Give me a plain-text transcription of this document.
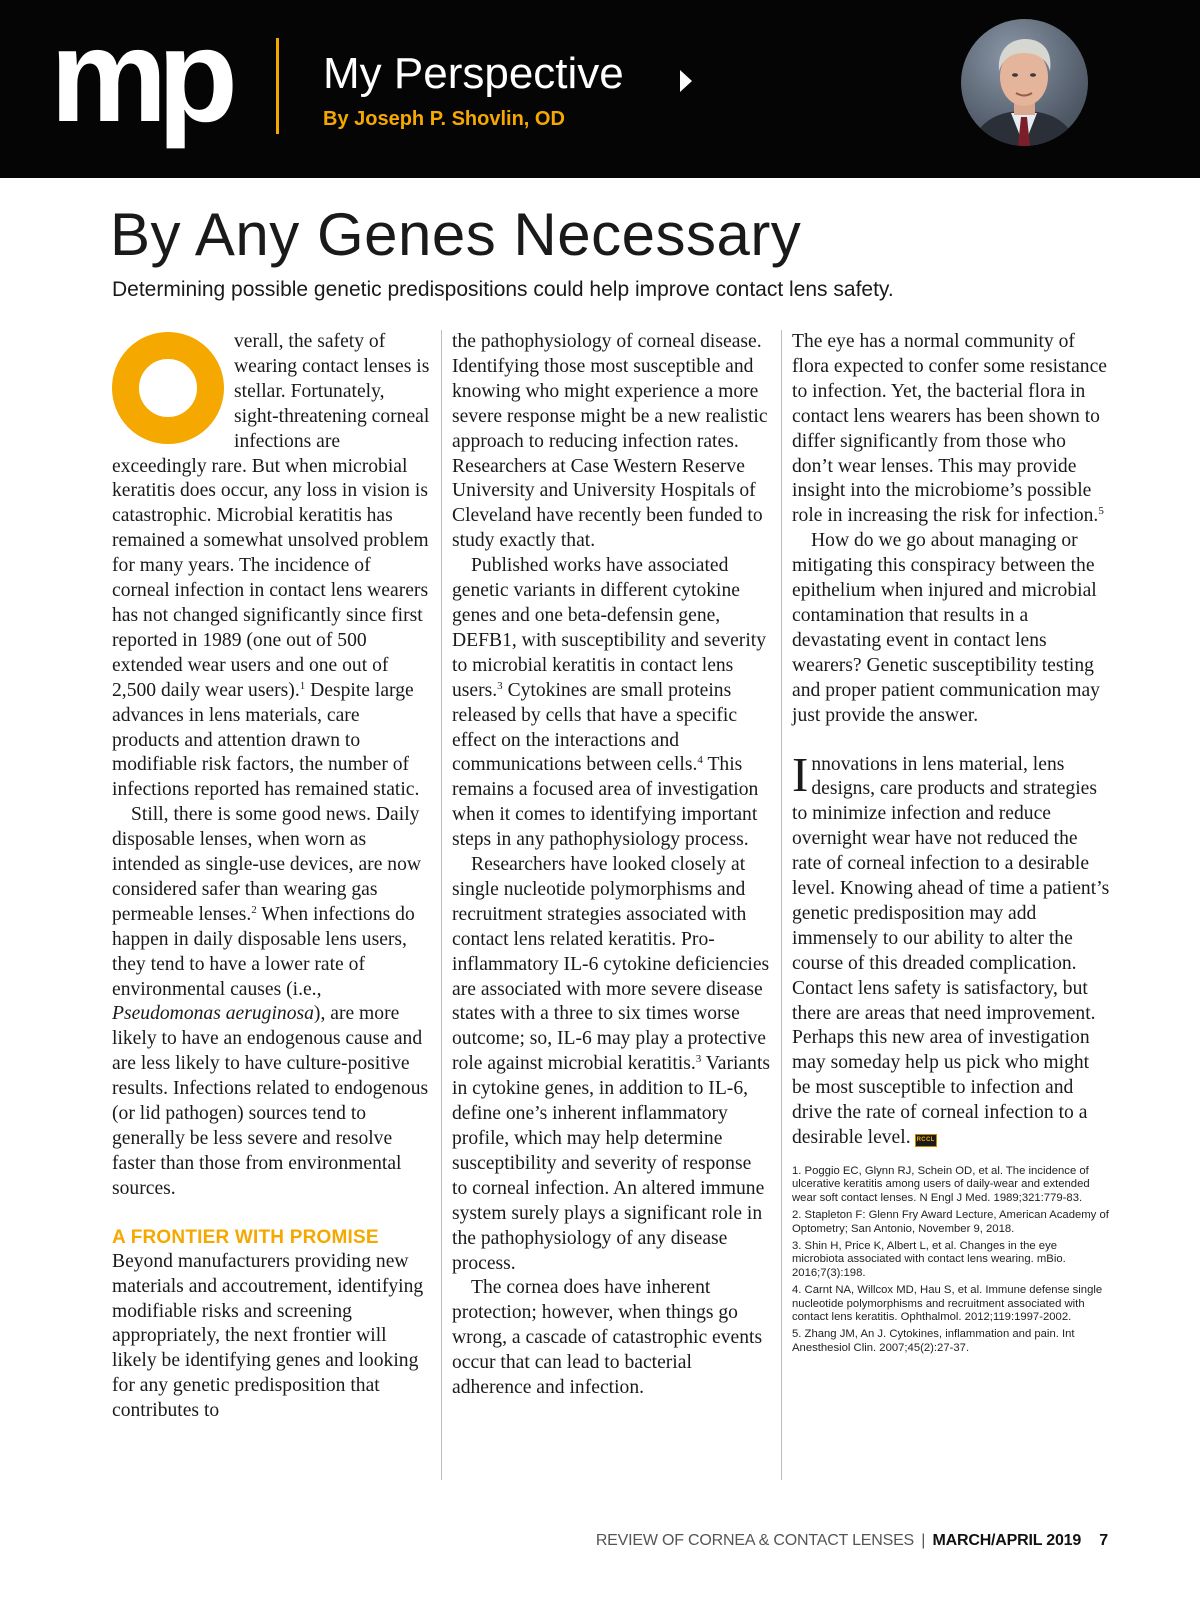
mp My Perspective
By Joseph P. Shovlin, OD
By Any Genes Necessary
Determining possible genetic predispositions could help improve contact lens safety.

verall, the safety of wearing contact lenses is stellar. Fortunately, sight-threatening corneal infections are exceedingly rare. But when microbial keratitis does occur, any loss in vision is catastrophic. Microbial keratitis has remained a somewhat unsolved problem for many years. The incidence of corneal infection in contact lens wearers has not changed significantly since first reported in 1989 (one out of 500 extended wear users and one out of 2,500 daily wear users).$^1$ Despite large advances in lens materials, care products and attention drawn to modifiable risk factors, the number of infections reported has remained static.

Still, there is some good news. Daily disposable lenses, when worn as intended as single-use devices, are now considered safer than wearing gas permeable lenses.$^2$ When infections do happen in daily disposable lens users, they tend to have a lower rate of environmental causes (i.e., Pseudomonas aeruginosa), are more likely to have an endogenous cause and are less likely to have culture-positive results. Infections related to endogenous (or lid pathogen) sources tend to generally be less severe and resolve faster than those from environmental sources.

A FRONTIER WITH PROMISE

Beyond manufacturers providing new materials and accoutrement, identifying modifiable risks and screening appropriately, the next frontier will likely be identifying genes and looking for any genetic predisposition that contributes to

the pathophysiology of corneal disease. Identifying those most susceptible and knowing who might experience a more severe response might be a new realistic approach to reducing infection rates. Researchers at Case Western Reserve University and University Hospitals of Cleveland have recently been funded to study exactly that.

Published works have associated genetic variants in different cytokine genes and one beta-defensin gene, DEFB1, with susceptibility and severity to microbial keratitis in contact lens users.$^3$ Cytokines are small proteins released by cells that have a specific effect on the interactions and communications between cells.$^4$ This remains a focused area of investigation when it comes to identifying important steps in any pathophysiology process.

Researchers have looked closely at single nucleotide polymorphisms and recruitment strategies associated with contact lens related keratitis. Pro-inflammatory IL-6 cytokine deficiencies are associated with more severe disease states with a three to six times worse outcome; so, IL-6 may play a protective role against microbial keratitis.$^3$ Variants in cytokine genes, in addition to IL-6, define one’s inherent inflammatory profile, which may help determine susceptibility and severity of response to corneal infection. An altered immune system surely plays a significant role in the pathophysiology of any disease process.

The cornea does have inherent protection; however, when things go wrong, a cascade of catastrophic events occur that can lead to bacterial adherence and infection.

The eye has a normal community of flora expected to confer some resistance to infection. Yet, the bacterial flora in contact lens wearers has been shown to differ significantly from those who don’t wear lenses. This may provide insight into the microbiome’s possible role in increasing the risk for infection.$^5$

How do we go about managing or mitigating this conspiracy between the epithelium when injured and microbial contamination that results in a devastating event in contact lens wearers? Genetic susceptibility testing and proper patient communication may just provide the answer.

Innovations in lens material, lens designs, care products and strategies to minimize infection and reduce overnight wear have not reduced the rate of corneal infection to a desirable level. Knowing ahead of time a patient’s genetic predisposition may add immensely to our ability to alter the course of this dreaded complication. Contact lens safety is satisfactory, but there are areas that need improvement. Perhaps this new area of investigation may someday help us pick who might be most susceptible to infection and drive the rate of corneal infection to a desirable level. RCCL

1. Poggio EC, Glynn RJ, Schein OD, et al. The incidence of ulcerative keratitis among users of daily-wear and extended wear soft contact lenses. N Engl J Med. 1989;321:779-83.
2. Stapleton F: Glenn Fry Award Lecture, American Academy of Optometry; San Antonio, November 9, 2018.
3. Shin H, Price K, Albert L, et al. Changes in the eye microbiota associated with contact lens wearing. mBio. 2016;7(3):198.
4. Carnt NA, Willcox MD, Hau S, et al. Immune defense single nucleotide polymorphisms and recruitment associated with contact lens keratitis. Ophthalmol. 2012;119:1997-2002.
5. Zhang JM, An J. Cytokines, inflammation and pain. Int Anesthesiol Clin. 2007;45(2):27-37.
REVIEW OF CORNEA & CONTACT LENSES | MARCH/APRIL 2019 7
